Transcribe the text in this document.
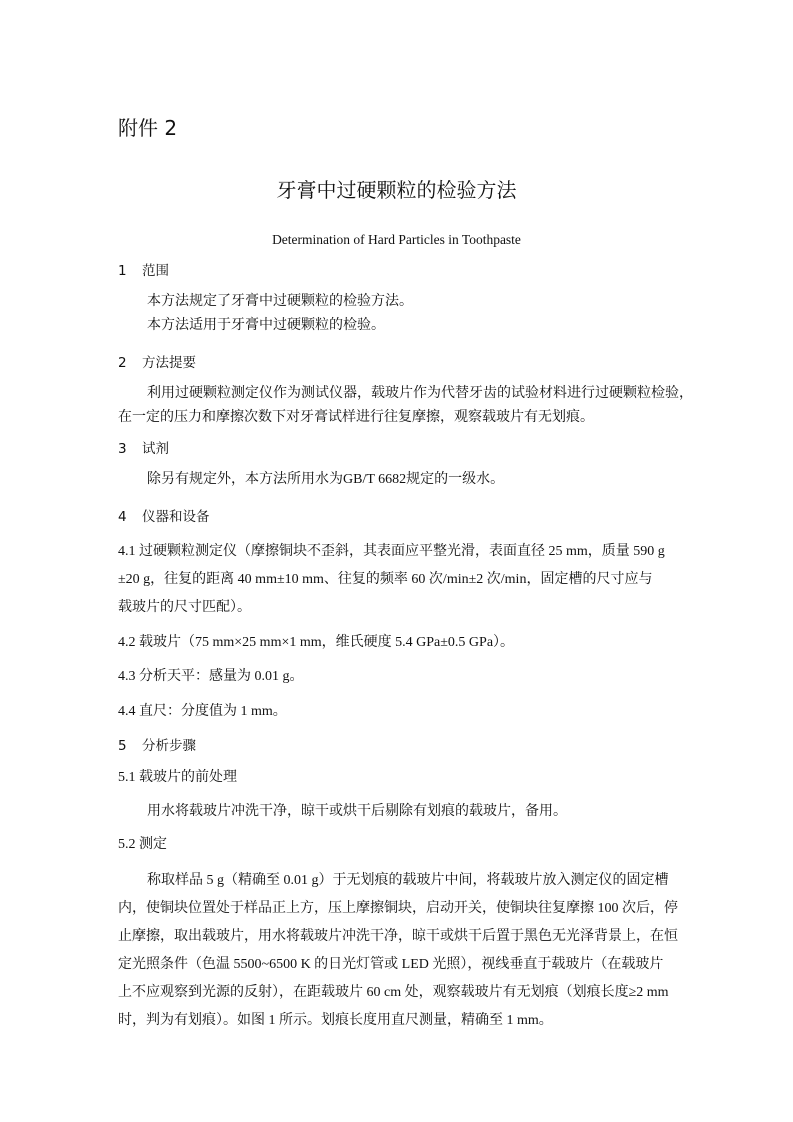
附件 2
牙膏中过硬颗粒的检验方法
Determination of Hard Particles in Toothpaste
1 范围
本方法规定了牙膏中过硬颗粒的检验方法。
本方法适用于牙膏中过硬颗粒的检验。
2 方法提要
利用过硬颗粒测定仪作为测试仪器，载玻片作为代替牙齿的试验材料进行过硬颗粒检验，
在一定的压力和摩擦次数下对牙膏试样进行往复摩擦，观察载玻片有无划痕。
3 试剂
除另有规定外，本方法所用水为GB/T 6682规定的一级水。
4 仪器和设备
4.1 过硬颗粒测定仪（摩擦铜块不歪斜，其表面应平整光滑，表面直径 25 mm，质量 590 g
±20 g，往复的距离 40 mm±10 mm、往复的频率 60 次/min±2 次/min，固定槽的尺寸应与
载玻片的尺寸匹配）。
4.2 载玻片（75 mm×25 mm×1 mm，维氏硬度 5.4 GPa±0.5 GPa）。
4.3 分析天平：感量为 0.01 g。
4.4 直尺：分度值为 1 mm。
5 分析步骤
5.1 载玻片的前处理
用水将载玻片冲洗干净，晾干或烘干后剔除有划痕的载玻片，备用。
5.2 测定
称取样品 5 g（精确至 0.01 g）于无划痕的载玻片中间，将载玻片放入测定仪的固定槽
内，使铜块位置处于样品正上方，压上摩擦铜块，启动开关，使铜块往复摩擦 100 次后，停
止摩擦，取出载玻片，用水将载玻片冲洗干净，晾干或烘干后置于黑色无光泽背景上，在恒
定光照条件（色温 5500~6500 K 的日光灯管或 LED 光照），视线垂直于载玻片（在载玻片
上不应观察到光源的反射），在距载玻片 60 cm 处，观察载玻片有无划痕（划痕长度≥2 mm
时，判为有划痕）。如图 1 所示。划痕长度用直尺测量，精确至 1 mm。
